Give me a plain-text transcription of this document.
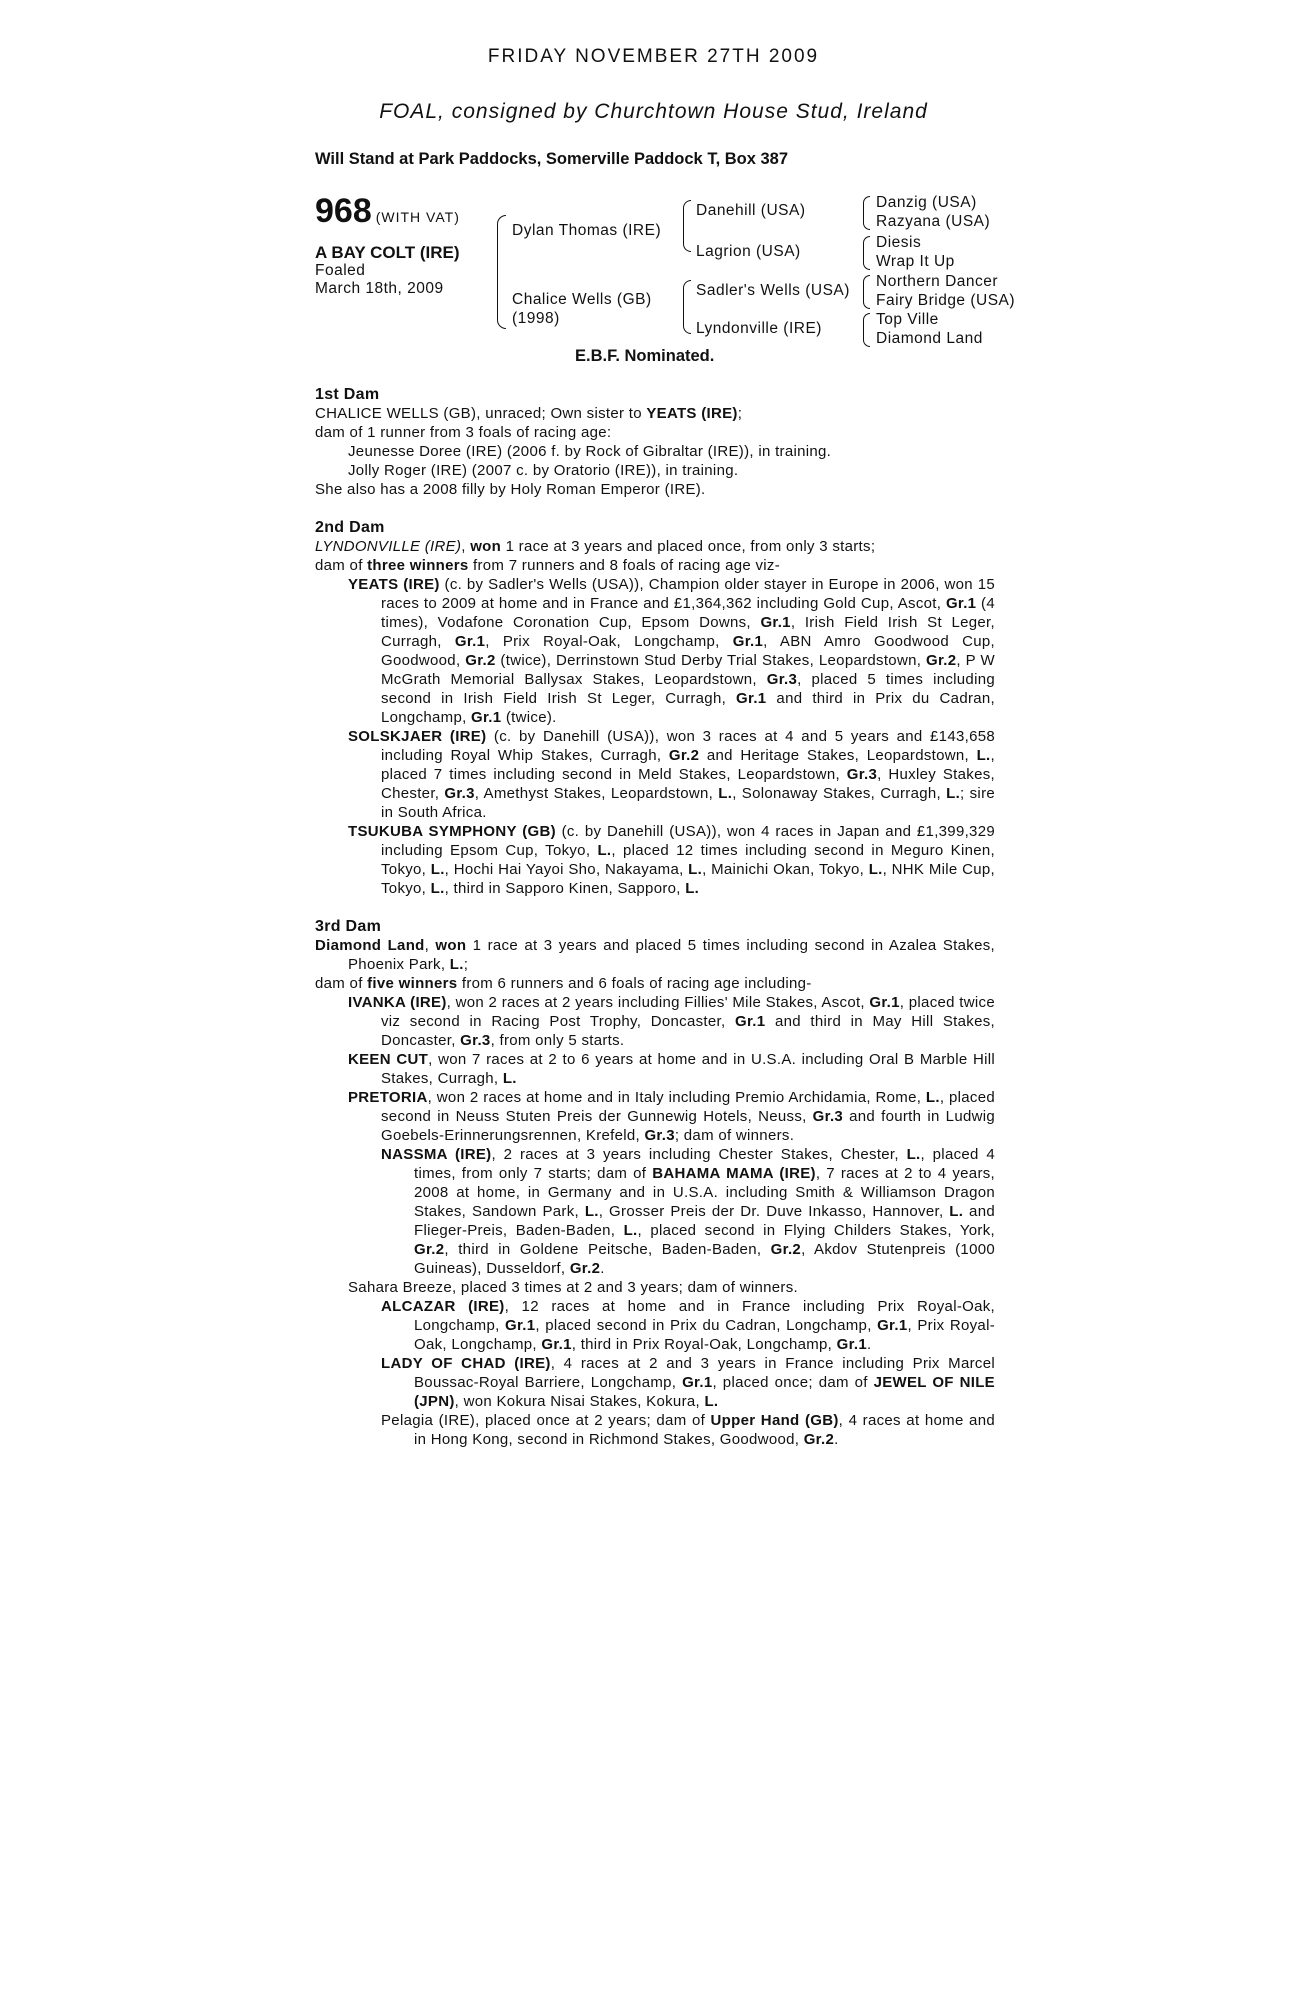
FRIDAY NOVEMBER 27TH 2009
FOAL, consigned by Churchtown House Stud, Ireland
Will Stand at Park Paddocks, Somerville Paddock T, Box 387
968 (WITH VAT)
A BAY COLT (IRE)
Foaled
March 18th, 2009
Dylan Thomas (IRE)
Chalice Wells (GB)
(1998)
Danehill (USA)
Lagrion (USA)
Sadler's Wells (USA)
Lyndonville (IRE)
Danzig (USA)
Razyana (USA)
Diesis
Wrap It Up
Northern Dancer
Fairy Bridge (USA)
Top Ville
Diamond Land
E.B.F. Nominated.

1st Dam

CHALICE WELLS (GB), unraced; Own sister to YEATS (IRE);

dam of 1 runner from 3 foals of racing age:

Jeunesse Doree (IRE) (2006 f. by Rock of Gibraltar (IRE)), in training.

Jolly Roger (IRE) (2007 c. by Oratorio (IRE)), in training.

She also has a 2008 filly by Holy Roman Emperor (IRE).

2nd Dam

LYNDONVILLE (IRE), won 1 race at 3 years and placed once, from only 3 starts;

dam of three winners from 7 runners and 8 foals of racing age viz-

YEATS (IRE) (c. by Sadler's Wells (USA)), Champion older stayer in Europe in 2006, won 15 races to 2009 at home and in France and £1,364,362 including Gold Cup, Ascot, Gr.1 (4 times), Vodafone Coronation Cup, Epsom Downs, Gr.1, Irish Field Irish St Leger, Curragh, Gr.1, Prix Royal-Oak, Longchamp, Gr.1, ABN Amro Goodwood Cup, Goodwood, Gr.2 (twice), Derrinstown Stud Derby Trial Stakes, Leopardstown, Gr.2, P W McGrath Memorial Ballysax Stakes, Leopardstown, Gr.3, placed 5 times including second in Irish Field Irish St Leger, Curragh, Gr.1 and third in Prix du Cadran, Longchamp, Gr.1 (twice).

SOLSKJAER (IRE) (c. by Danehill (USA)), won 3 races at 4 and 5 years and £143,658 including Royal Whip Stakes, Curragh, Gr.2 and Heritage Stakes, Leopardstown, L., placed 7 times including second in Meld Stakes, Leopardstown, Gr.3, Huxley Stakes, Chester, Gr.3, Amethyst Stakes, Leopardstown, L., Solonaway Stakes, Curragh, L.; sire in South Africa.

TSUKUBA SYMPHONY (GB) (c. by Danehill (USA)), won 4 races in Japan and £1,399,329 including Epsom Cup, Tokyo, L., placed 12 times including second in Meguro Kinen, Tokyo, L., Hochi Hai Yayoi Sho, Nakayama, L., Mainichi Okan, Tokyo, L., NHK Mile Cup, Tokyo, L., third in Sapporo Kinen, Sapporo, L.

3rd Dam

Diamond Land, won 1 race at 3 years and placed 5 times including second in Azalea Stakes, Phoenix Park, L.;

dam of five winners from 6 runners and 6 foals of racing age including-

IVANKA (IRE), won 2 races at 2 years including Fillies' Mile Stakes, Ascot, Gr.1, placed twice viz second in Racing Post Trophy, Doncaster, Gr.1 and third in May Hill Stakes, Doncaster, Gr.3, from only 5 starts.

KEEN CUT, won 7 races at 2 to 6 years at home and in U.S.A. including Oral B Marble Hill Stakes, Curragh, L.

PRETORIA, won 2 races at home and in Italy including Premio Archidamia, Rome, L., placed second in Neuss Stuten Preis der Gunnewig Hotels, Neuss, Gr.3 and fourth in Ludwig Goebels-Erinnerungsrennen, Krefeld, Gr.3; dam of winners.

NASSMA (IRE), 2 races at 3 years including Chester Stakes, Chester, L., placed 4 times, from only 7 starts; dam of BAHAMA MAMA (IRE), 7 races at 2 to 4 years, 2008 at home, in Germany and in U.S.A. including Smith & Williamson Dragon Stakes, Sandown Park, L., Grosser Preis der Dr. Duve Inkasso, Hannover, L. and Flieger-Preis, Baden-Baden, L., placed second in Flying Childers Stakes, York, Gr.2, third in Goldene Peitsche, Baden-Baden, Gr.2, Akdov Stutenpreis (1000 Guineas), Dusseldorf, Gr.2.

Sahara Breeze, placed 3 times at 2 and 3 years; dam of winners.

ALCAZAR (IRE), 12 races at home and in France including Prix Royal-Oak, Longchamp, Gr.1, placed second in Prix du Cadran, Longchamp, Gr.1, Prix Royal-Oak, Longchamp, Gr.1, third in Prix Royal-Oak, Longchamp, Gr.1.

LADY OF CHAD (IRE), 4 races at 2 and 3 years in France including Prix Marcel Boussac-Royal Barriere, Longchamp, Gr.1, placed once; dam of JEWEL OF NILE (JPN), won Kokura Nisai Stakes, Kokura, L.

Pelagia (IRE), placed once at 2 years; dam of Upper Hand (GB), 4 races at home and in Hong Kong, second in Richmond Stakes, Goodwood, Gr.2.
